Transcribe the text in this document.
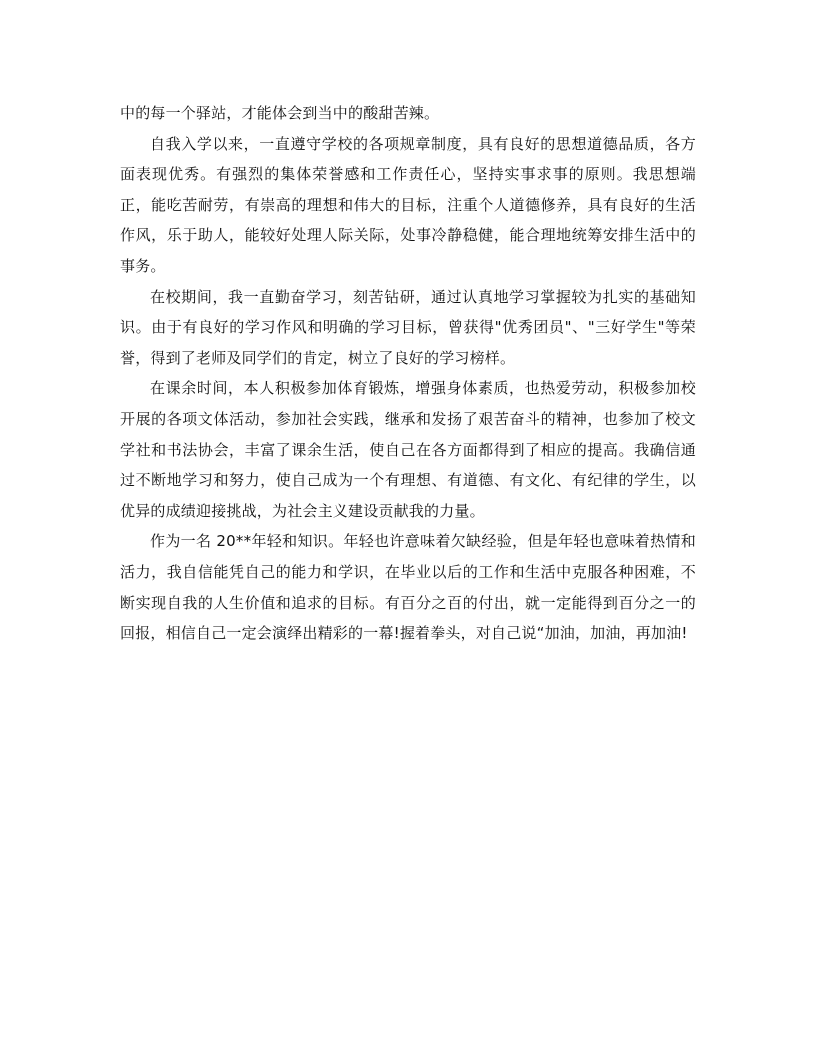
中的每一个驿站，才能体会到当中的酸甜苦辣。

自我入学以来，一直遵守学校的各项规章制度，具有良好的思想道德品质，各方面表现优秀。有强烈的集体荣誉感和工作责任心，坚持实事求事的原则。我思想端正，能吃苦耐劳，有崇高的理想和伟大的目标，注重个人道德修养，具有良好的生活作风，乐于助人，能较好处理人际关际，处事冷静稳健，能合理地统筹安排生活中的事务。

在校期间，我一直勤奋学习，刻苦钻研，通过认真地学习掌握较为扎实的基础知识。由于有良好的学习作风和明确的学习目标，曾获得"优秀团员"、"三好学生"等荣誉，得到了老师及同学们的肯定，树立了良好的学习榜样。

在课余时间，本人积极参加体育锻炼，增强身体素质，也热爱劳动，积极参加校开展的各项文体活动，参加社会实践，继承和发扬了艰苦奋斗的精神，也参加了校文学社和书法协会，丰富了课余生活，使自己在各方面都得到了相应的提高。我确信通过不断地学习和努力，使自己成为一个有理想、有道德、有文化、有纪律的学生，以优异的成绩迎接挑战，为社会主义建设贡献我的力量。

作为一名 20**年轻和知识。年轻也许意味着欠缺经验，但是年轻也意味着热情和活力，我自信能凭自己的能力和学识，在毕业以后的工作和生活中克服各种困难，不断实现自我的人生价值和追求的目标。有百分之百的付出，就一定能得到百分之一的回报，相信自己一定会演绎出精彩的一幕!握着拳头，对自己说“加油，加油，再加油!
